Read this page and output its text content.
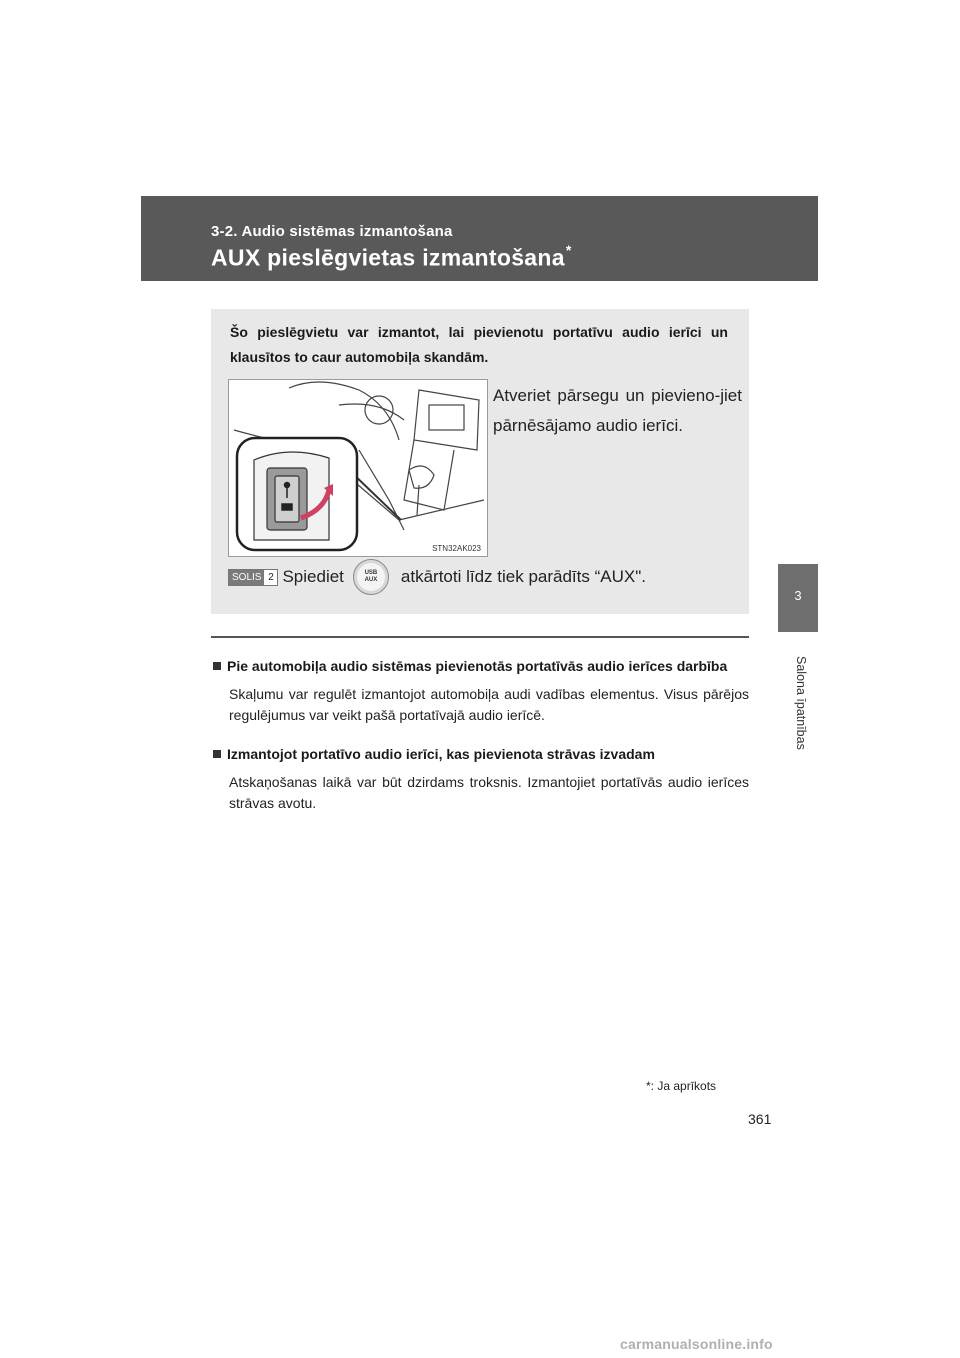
3-2. Audio sistēmas izmantošana
AUX pieslēgvietas izmantošana*
3
Salona īpatnības
Šo pieslēgvietu var izmantot, lai pievienotu portatīvu audio ierīci un klausītos to caur automobiļa skandām.
STN32AK023
Atveriet pārsegu un pievieno-jiet pārnēsājamo audio ierīci.
SOLIS 2 Spiediet	USB
AUX atkārtoti līdz tiek parādīts “AUX".
Pie automobiļa audio sistēmas pievienotās portatīvās audio ierīces darbība
Skaļumu var regulēt izmantojot automobiļa audi vadības elementus. Visus pārējos regulējumus var veikt pašā portatīvajā audio ierīcē.
Izmantojot portatīvo audio ierīci, kas pievienota strāvas izvadam
Atskaņošanas laikā var būt dzirdams troksnis. Izmantojiet portatīvās audio ierīces strāvas avotu.
*: Ja aprīkots
361
carmanualsonline.info
